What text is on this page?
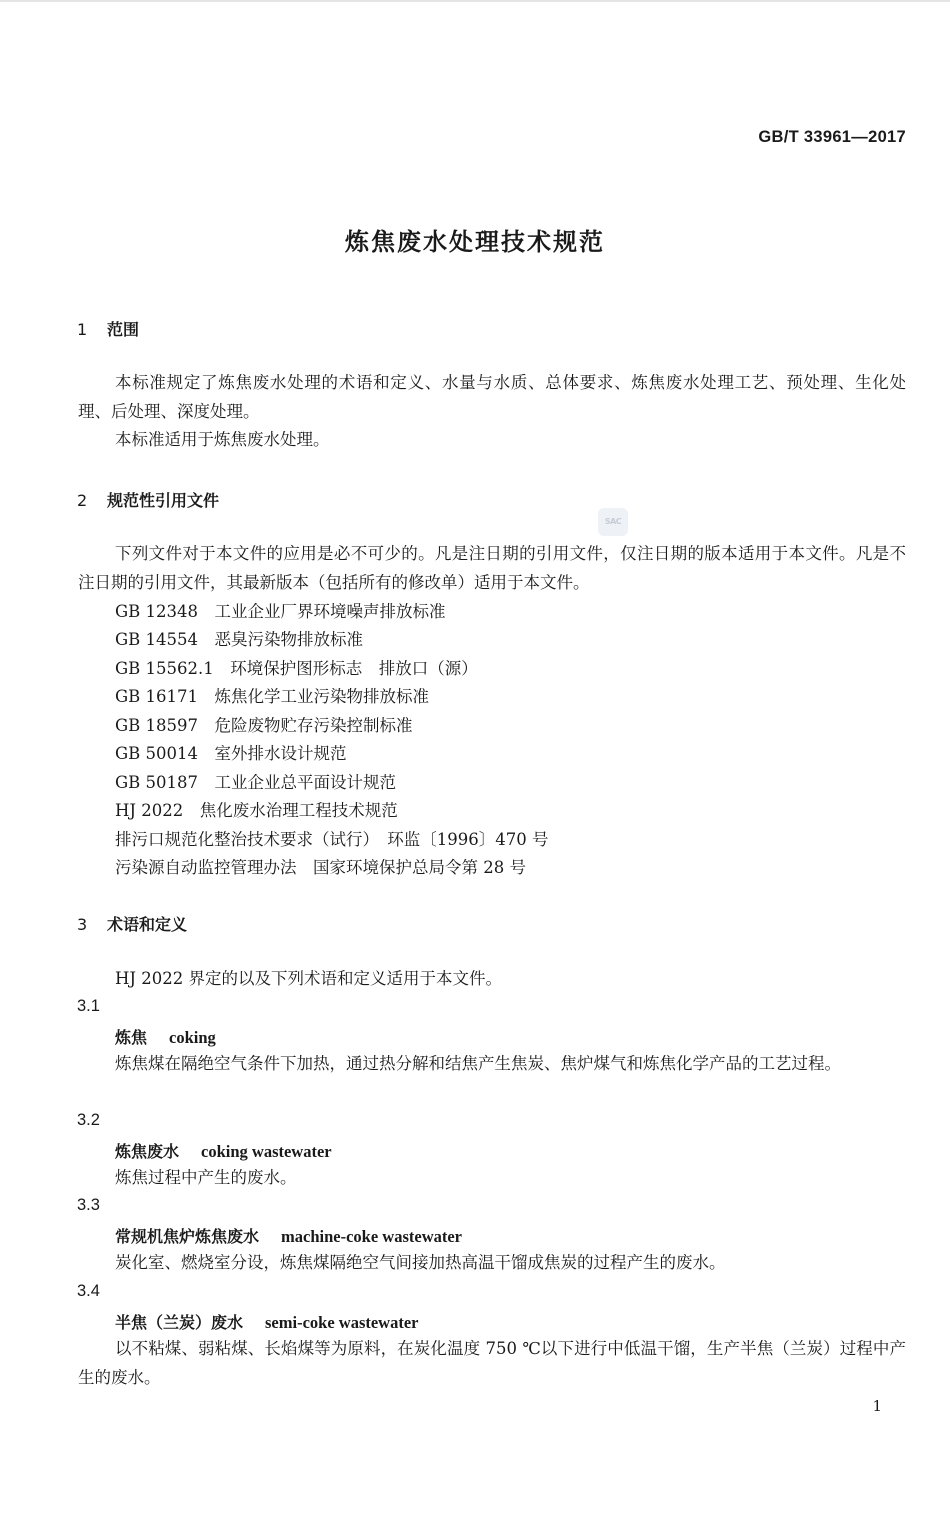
GB/T 33961—2017
炼焦废水处理技术规范
1 范围

本标准规定了炼焦废水处理的术语和定义、水量与水质、总体要求、炼焦废水处理工艺、预处理、生化处理、后处理、深度处理。

本标准适用于炼焦废水处理。

2 规范性引用文件
SAC

下列文件对于本文件的应用是必不可少的。凡是注日期的引用文件，仅注日期的版本适用于本文件。凡是不注日期的引用文件，其最新版本（包括所有的修改单）适用于本文件。

GB 12348　工业企业厂界环境噪声排放标准
GB 14554　恶臭污染物排放标准
GB 15562.1　环境保护图形标志　排放口（源）
GB 16171　炼焦化学工业污染物排放标准
GB 18597　危险废物贮存污染控制标准
GB 50014　室外排水设计规范
GB 50187　工业企业总平面设计规范
HJ 2022　焦化废水治理工程技术规范
排污口规范化整治技术要求（试行）　环监〔1996〕470 号
污染源自动监控管理办法　国家环境保护总局令第 28 号
3 术语和定义

HJ 2022 界定的以及下列术语和定义适用于本文件。

3.1
炼焦 coking

炼焦煤在隔绝空气条件下加热，通过热分解和结焦产生焦炭、焦炉煤气和炼焦化学产品的工艺过程。

3.2
炼焦废水 coking wastewater

炼焦过程中产生的废水。

3.3
常规机焦炉炼焦废水 machine-coke wastewater

炭化室、燃烧室分设，炼焦煤隔绝空气间接加热高温干馏成焦炭的过程产生的废水。

3.4
半焦（兰炭）废水 semi-coke wastewater

以不粘煤、弱粘煤、长焰煤等为原料，在炭化温度 750 ℃以下进行中低温干馏，生产半焦（兰炭）过程中产生的废水。

1
